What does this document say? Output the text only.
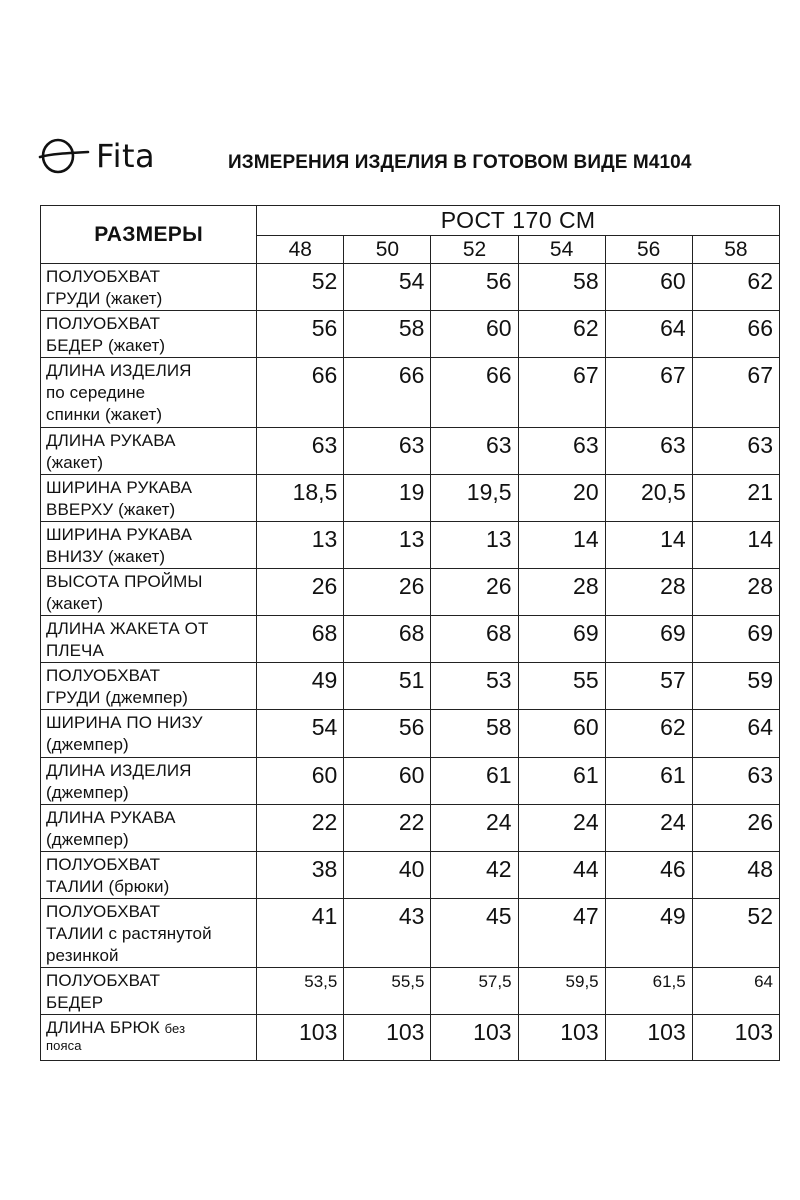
Fita	ИЗМЕРЕНИЯ ИЗДЕЛИЯ В ГОТОВОМ ВИДЕ М4104
РАЗМЕРЫ	РОСТ 170 СМ					
	48	50	52	54	56	58

ПОЛУОБХВАТ
ГРУДИ (жакет)	52	54	56	58	60	62

ПОЛУОБХВАТ
БЕДЕР (жакет)	56	58	60	62	64	66

ДЛИНА ИЗДЕЛИЯ
по середине
спинки (жакет)	66	66	66	67	67	67

ДЛИНА РУКАВА
(жакет)	63	63	63	63	63	63

ШИРИНА РУКАВА
ВВЕРХУ (жакет)	18,5	19	19,5	20	20,5	21

ШИРИНА РУКАВА
ВНИЗУ (жакет)	13	13	13	14	14	14

ВЫСОТА ПРОЙМЫ
(жакет)	26	26	26	28	28	28

ДЛИНА ЖАКЕТА ОТ
ПЛЕЧА	68	68	68	69	69	69

ПОЛУОБХВАТ
ГРУДИ (джемпер)	49	51	53	55	57	59

ШИРИНА ПО НИЗУ
(джемпер)	54	56	58	60	62	64

ДЛИНА ИЗДЕЛИЯ
(джемпер)	60	60	61	61	61	63

ДЛИНА РУКАВА
(джемпер)	22	22	24	24	24	26

ПОЛУОБХВАТ
ТАЛИИ (брюки)	38	40	42	44	46	48

ПОЛУОБХВАТ
ТАЛИИ с растянутой
резинкой	41	43	45	47	49	52

ПОЛУОБХВАТ
БЕДЕР	53,5	55,5	57,5	59,5	61,5	64

ДЛИНА БРЮК без
пояса	103	103	103	103	103	103
